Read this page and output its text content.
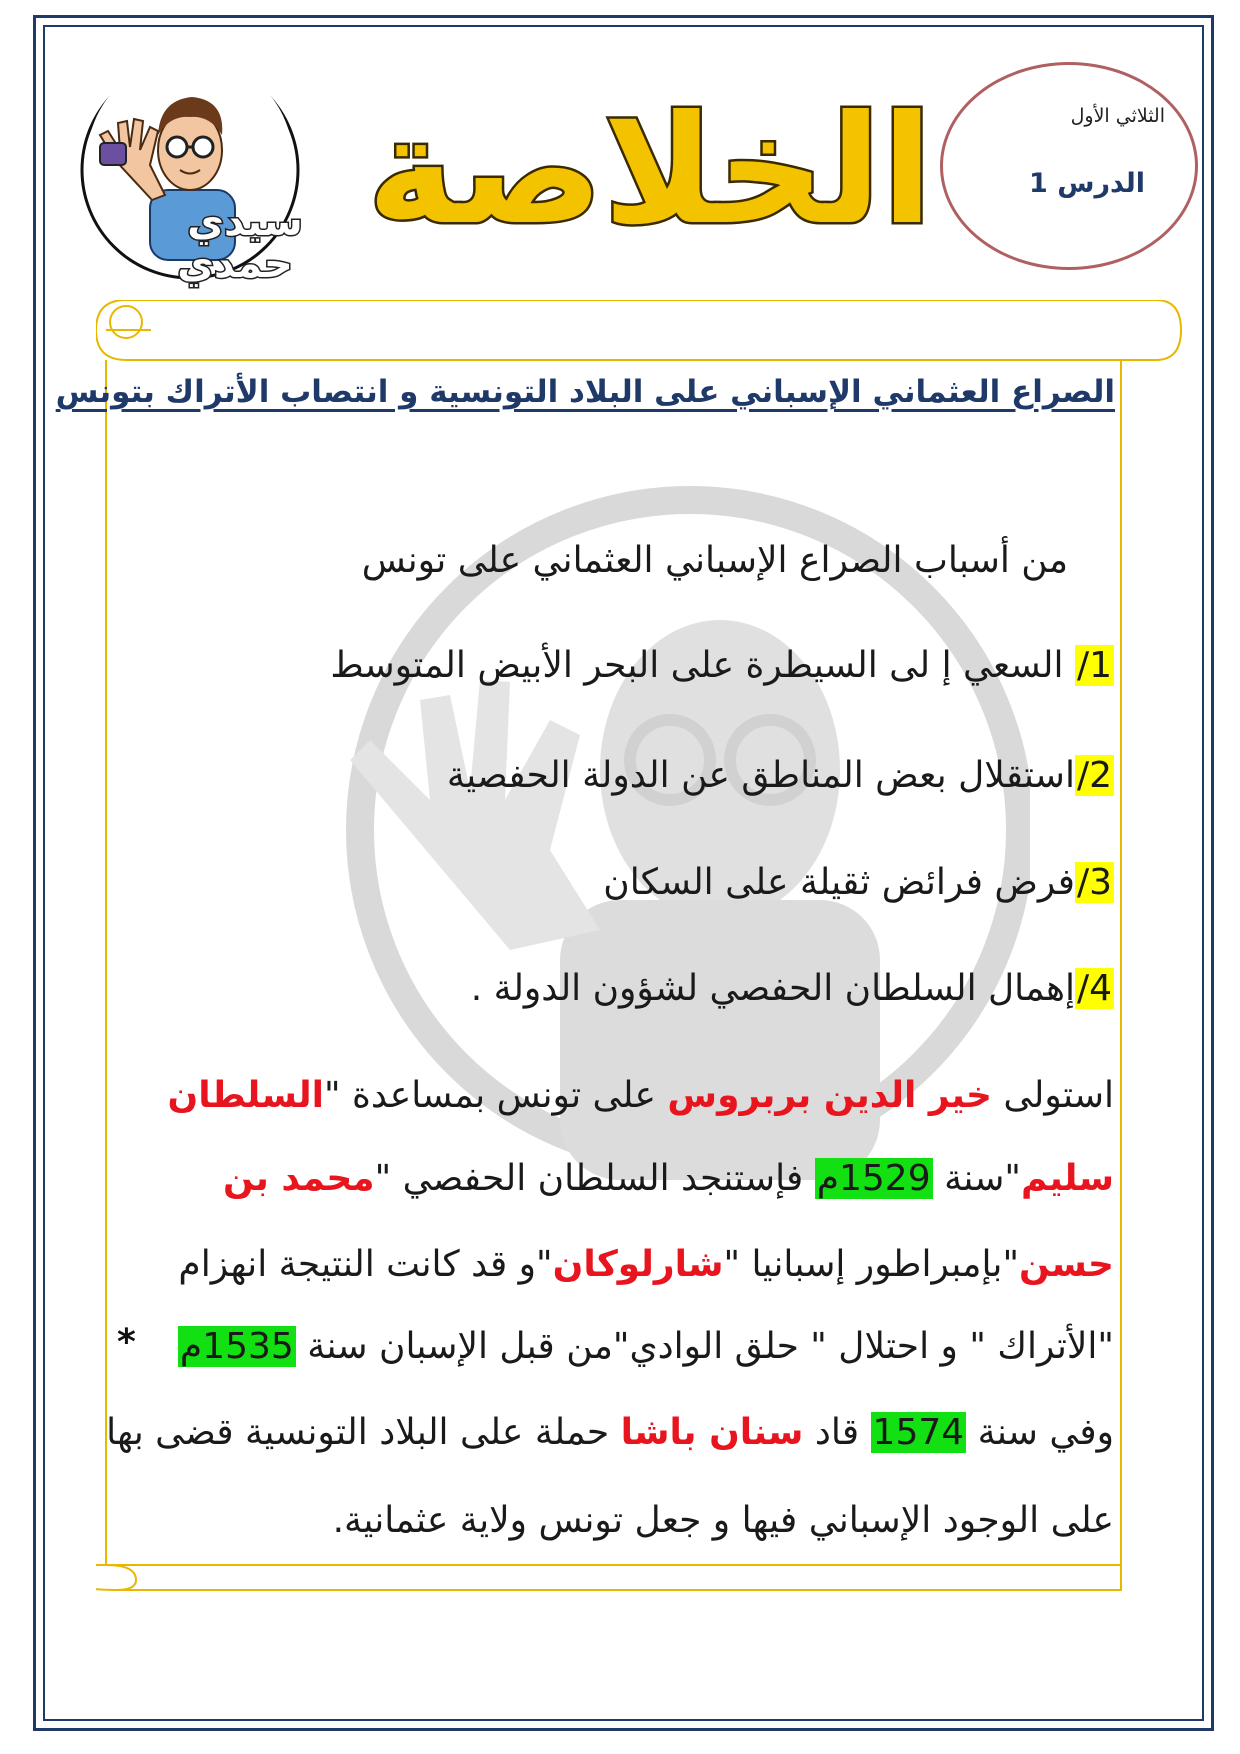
الثلاثي الأول
الدرس 1
الخلاصة
سيدي
حمدي
الصراع العثماني الإسباني على البلاد التونسية و انتصاب الأتراك بتونس
من أسباب الصراع الإسباني العثماني على تونس
1/ السعي إ لى السيطرة على البحر الأبيض المتوسط
2/استقلال بعض المناطق عن الدولة الحفصية
3/فرض فرائض ثقيلة على السكان
4/إهمال السلطان الحفصي لشؤون الدولة .
استولى خير الدين بربروس على تونس بمساعدة "السلطان
سليم"سنة 1529م فإستنجد السلطان الحفصي "محمد بن
حسن"بإمبراطور إسبانيا "شارلوكان"و قد كانت النتيجة انهزام
"الأتراك " و احتلال " حلق الوادي"من قبل الإسبان سنة 1535م
*
وفي سنة 1574 قاد سنان باشا حملة على البلاد التونسية قضى بها
على الوجود الإسباني فيها و جعل تونس ولاية عثمانية.
